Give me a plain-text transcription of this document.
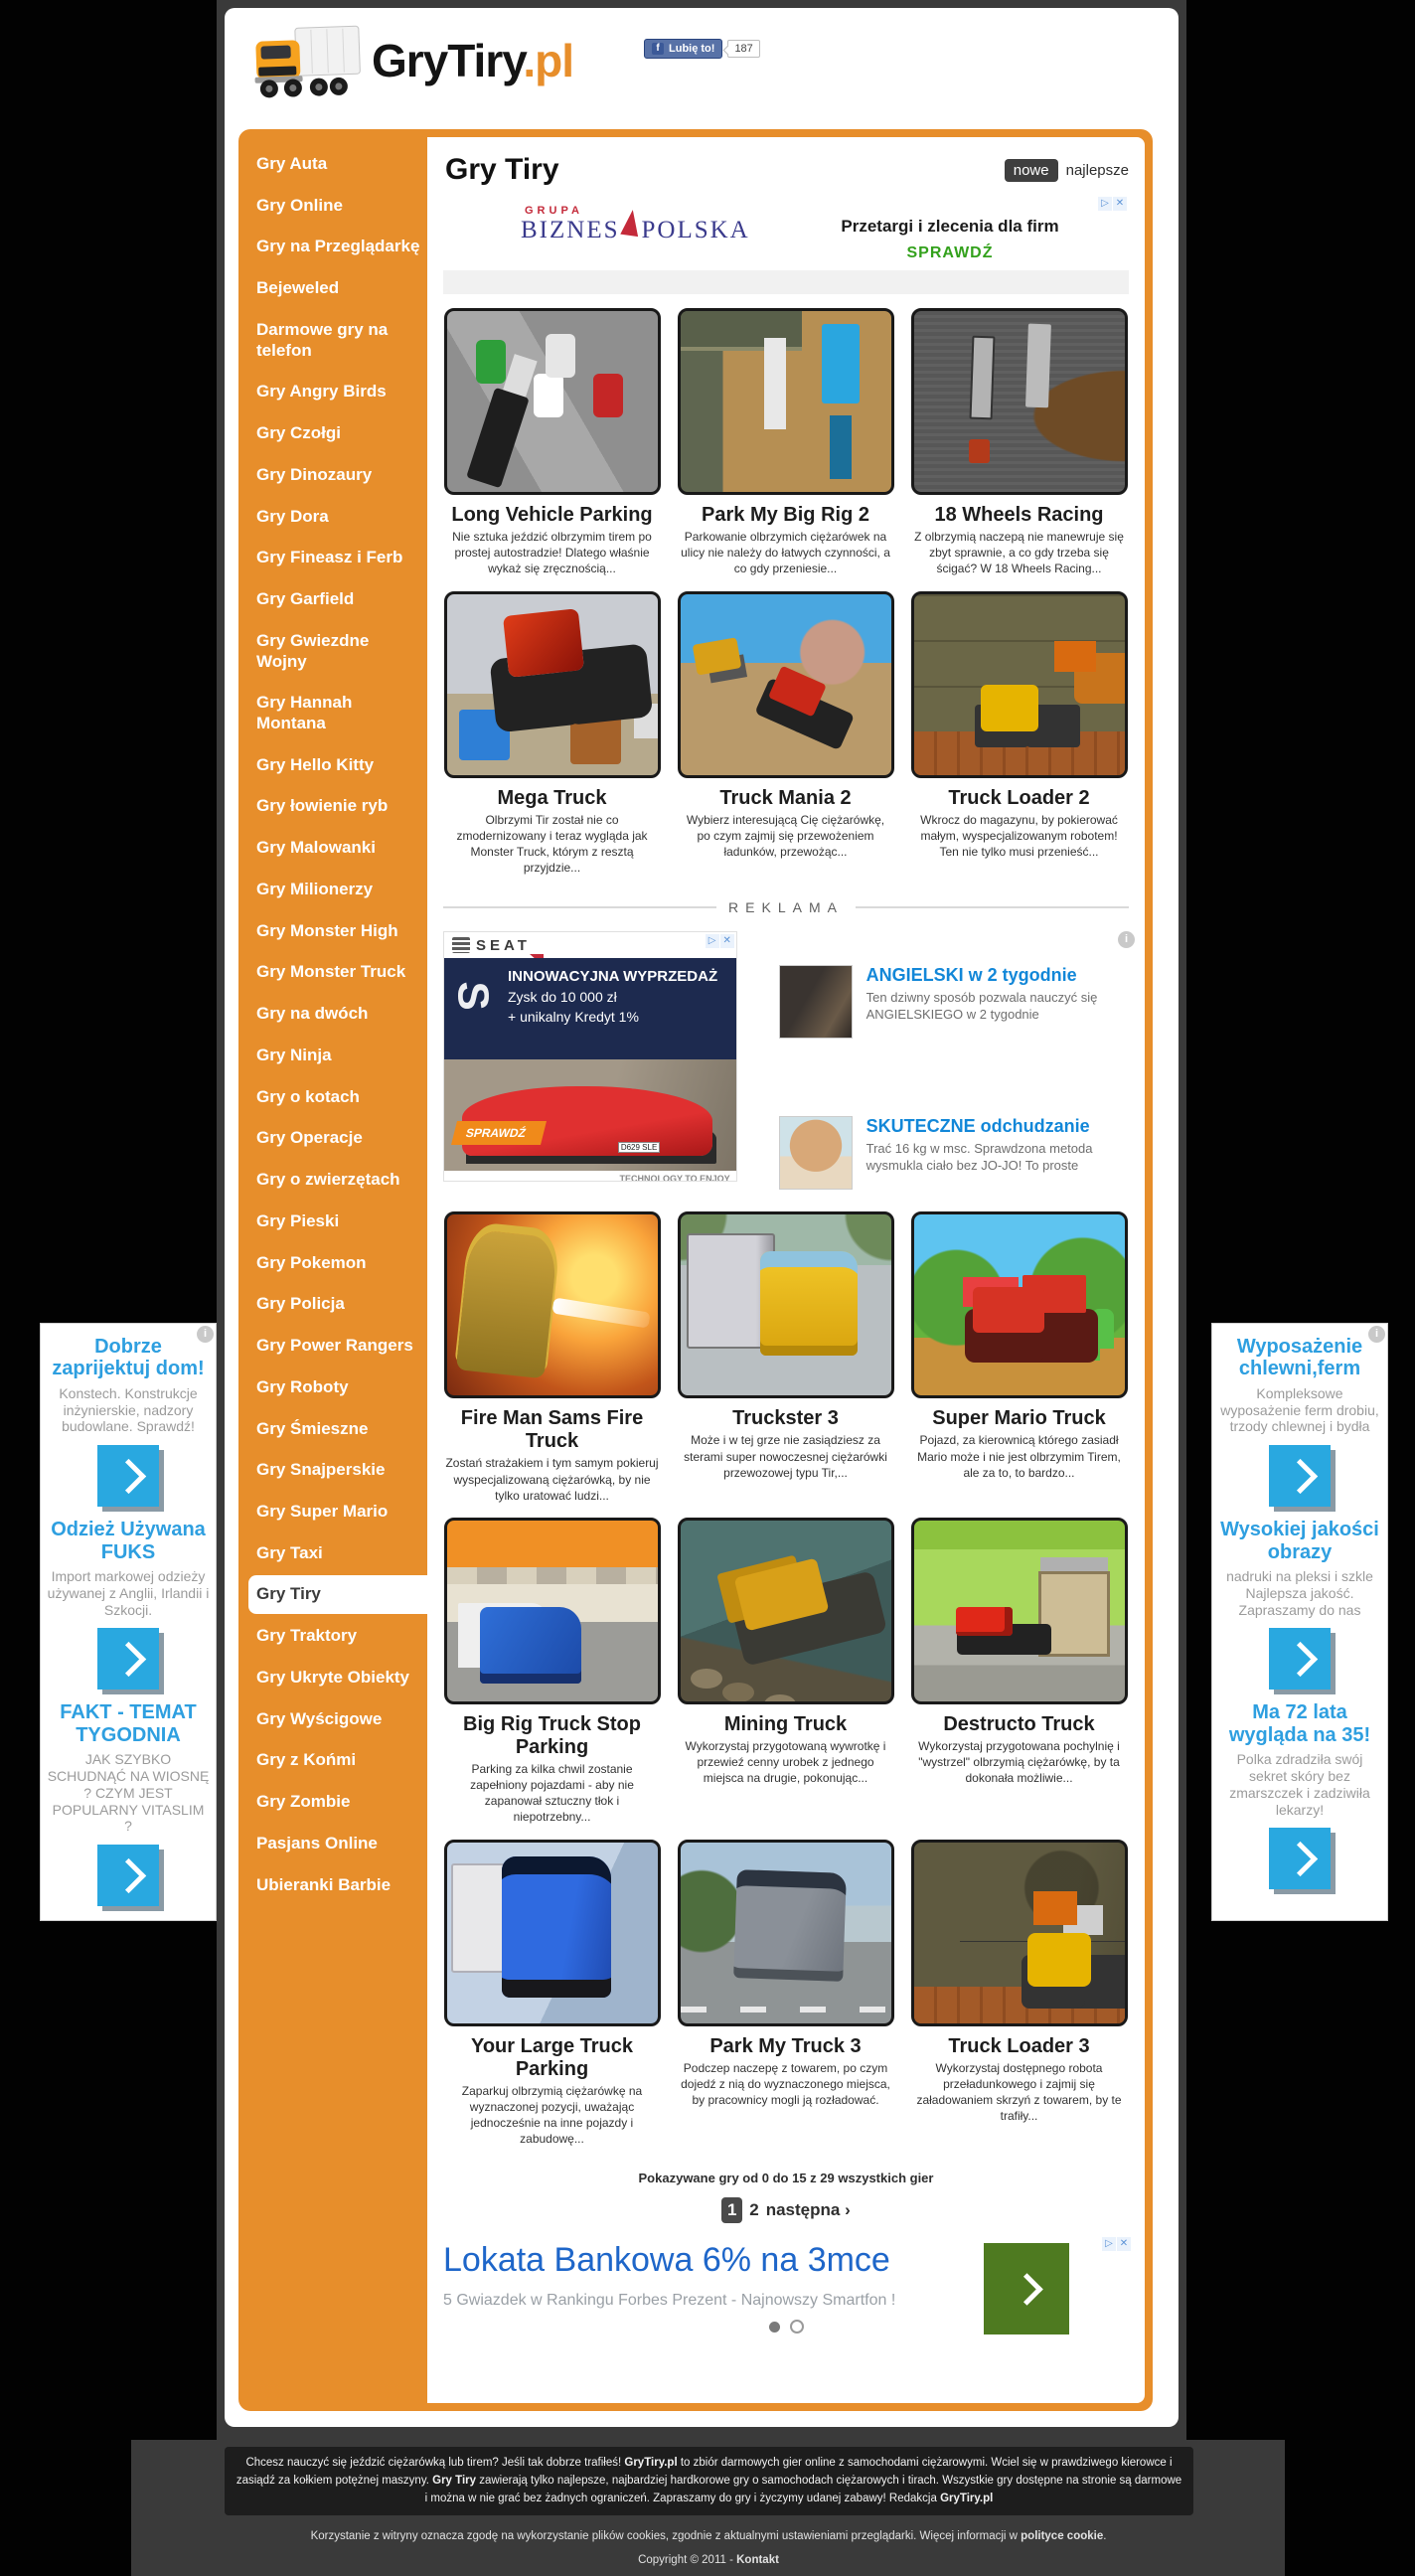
GryTiry.pl	f Lubię to!	187
Gry Auta
Gry Online
Gry na Przeglądarkę
Bejeweled
Darmowe gry na telefon
Gry Angry Birds
Gry Czołgi
Gry Dinozaury
Gry Dora
Gry Fineasz i Ferb
Gry Garfield
Gry Gwiezdne Wojny
Gry Hannah Montana
Gry Hello Kitty
Gry łowienie ryb
Gry Malowanki
Gry Milionerzy
Gry Monster High
Gry Monster Truck
Gry na dwóch
Gry Ninja
Gry o kotach
Gry Operacje
Gry o zwierzętach
Gry Pieski
Gry Pokemon
Gry Policja
Gry Power Rangers
Gry Roboty
Gry Śmieszne
Gry Snajperskie
Gry Super Mario
Gry Taxi
Gry Tiry
Gry Traktory
Gry Ukryte Obiekty
Gry Wyścigowe
Gry z Końmi
Gry Zombie
Pasjans Online
Ubieranki Barbie
Gry Tiry	nowe	najlepsze
▷ ✕
GRUPA
BIZNES POLSKA	Przetargi i zlecenia dla firm
SPRAWDŹ
Long Vehicle Parking
Nie sztuka jeździć olbrzymim tirem po prostej autostradzie! Dlatego właśnie wykaż się zręcznością...
Park My Big Rig 2
Parkowanie olbrzymich ciężarówek na ulicy nie należy do łatwych czynności, a co gdy przeniesie...
18 Wheels Racing
Z olbrzymią naczepą nie manewruje się zbyt sprawnie, a co gdy trzeba się ścigać? W 18 Wheels Racing...
Mega Truck
Olbrzymi Tir został nie co zmodernizowany i teraz wygląda jak Monster Truck, którym z resztą przyjdzie...
Truck Mania 2
Wybierz interesującą Cię ciężarówkę, po czym zajmij się przewożeniem ładunków, przewożąc...
Truck Loader 2
Wkrocz do magazynu, by pokierować małym, wyspecjalizowanym robotem! Ten nie tylko musi przenieść...
REKLAMA
SEAT	▷ ✕
S
INNOWACYJNA WYPRZEDAŻ
Zysk do 10 000 zł
+ unikalny Kredyt 1%
D629 SLE
SPRAWDŹ
TECHNOLOGY TO ENJOY
i
ANGIELSKI w 2 tygodnie
Ten dziwny sposób pozwala nauczyć się ANGIELSKIEGO w 2 tygodnie
SKUTECZNE odchudzanie
Trać 16 kg w msc. Sprawdzona metoda wysmukla ciało bez JO-JO! To proste
Fire Man Sams Fire Truck
Zostań strażakiem i tym samym pokieruj wyspecjalizowaną ciężarówką, by nie tylko uratować ludzi...
Truckster 3
Może i w tej grze nie zasiądziesz za sterami super nowoczesnej ciężarówki przewozowej typu Tir,...
Super Mario Truck
Pojazd, za kierownicą którego zasiadł Mario może i nie jest olbrzymim Tirem, ale za to, to bardzo...
Big Rig Truck Stop Parking
Parking za kilka chwil zostanie zapełniony pojazdami - aby nie zapanował sztuczny tłok i niepotrzebny...
Mining Truck
Wykorzystaj przygotowaną wywrotkę i przewieź cenny urobek z jednego miejsca na drugie, pokonując...
Destructo Truck
Wykorzystaj przygotowana pochylnię i "wystrzel" olbrzymią ciężarówkę, by ta dokonała możliwie...
Your Large Truck Parking
Zaparkuj olbrzymią ciężarówkę na wyznaczonej pozycji, uważając jednocześnie na inne pojazdy i zabudowę...
Park My Truck 3
Podczep naczepę z towarem, po czym dojedź z nią do wyznaczonego miejsca, by pracownicy mogli ją rozładować.
Truck Loader 3
Wykorzystaj dostępnego robota przeładunkowego i zajmij się załadowaniem skrzyń z towarem, by te trafiły...
Pokazywane gry od 0 do 15 z 29 wszystkich gier
1 2 następna ›
▷ ✕
Lokata Bankowa 6% na 3mce
5 Gwiazdek w Rankingu Forbes Prezent - Najnowszy Smartfon !
i
Dobrze zaprijektuj dom!
Konstech. Konstrukcje inżynierskie, nadzory budowlane. Sprawdź!
Odzież Używana FUKS
Import markowej odzieży używanej z Anglii, Irlandii i Szkocji.
FAKT - TEMAT TYGODNIA
JAK SZYBKO SCHUDNĄĆ NA WIOSNĘ ? CZYM JEST POPULARNY VITASLIM ?
i
Wyposażenie chlewni,ferm
Kompleksowe wyposażenie ferm drobiu, trzody chlewnej i bydła
Wysokiej jakości obrazy
nadruki na pleksi i szkle Najlepsza jakość. Zapraszamy do nas
Ma 72 lata wygląda na 35!
Polka zdradziła swój sekret skóry bez zmarszczek i zadziwiła lekarzy!
Chcesz nauczyć się jeździć ciężarówką lub tirem? Jeśli tak dobrze trafiłeś! GryTiry.pl to zbiór darmowych gier online z samochodami ciężarowymi. Wciel się w prawdziwego kierowce i zasiądź za kołkiem potężnej maszyny. Gry Tiry zawierają tylko najlepsze, najbardziej hardkorowe gry o samochodach ciężarowych i tirach. Wszystkie gry dostępne na stronie są darmowe i można w nie grać bez żadnych ograniczeń. Zapraszamy do gry i życzymy udanej zabawy! Redakcja GryTiry.pl
Korzystanie z witryny oznacza zgodę na wykorzystanie plików cookies, zgodnie z aktualnymi ustawieniami przeglądarki. Więcej informacji w polityce cookie.
Copyright © 2011 - Kontakt
